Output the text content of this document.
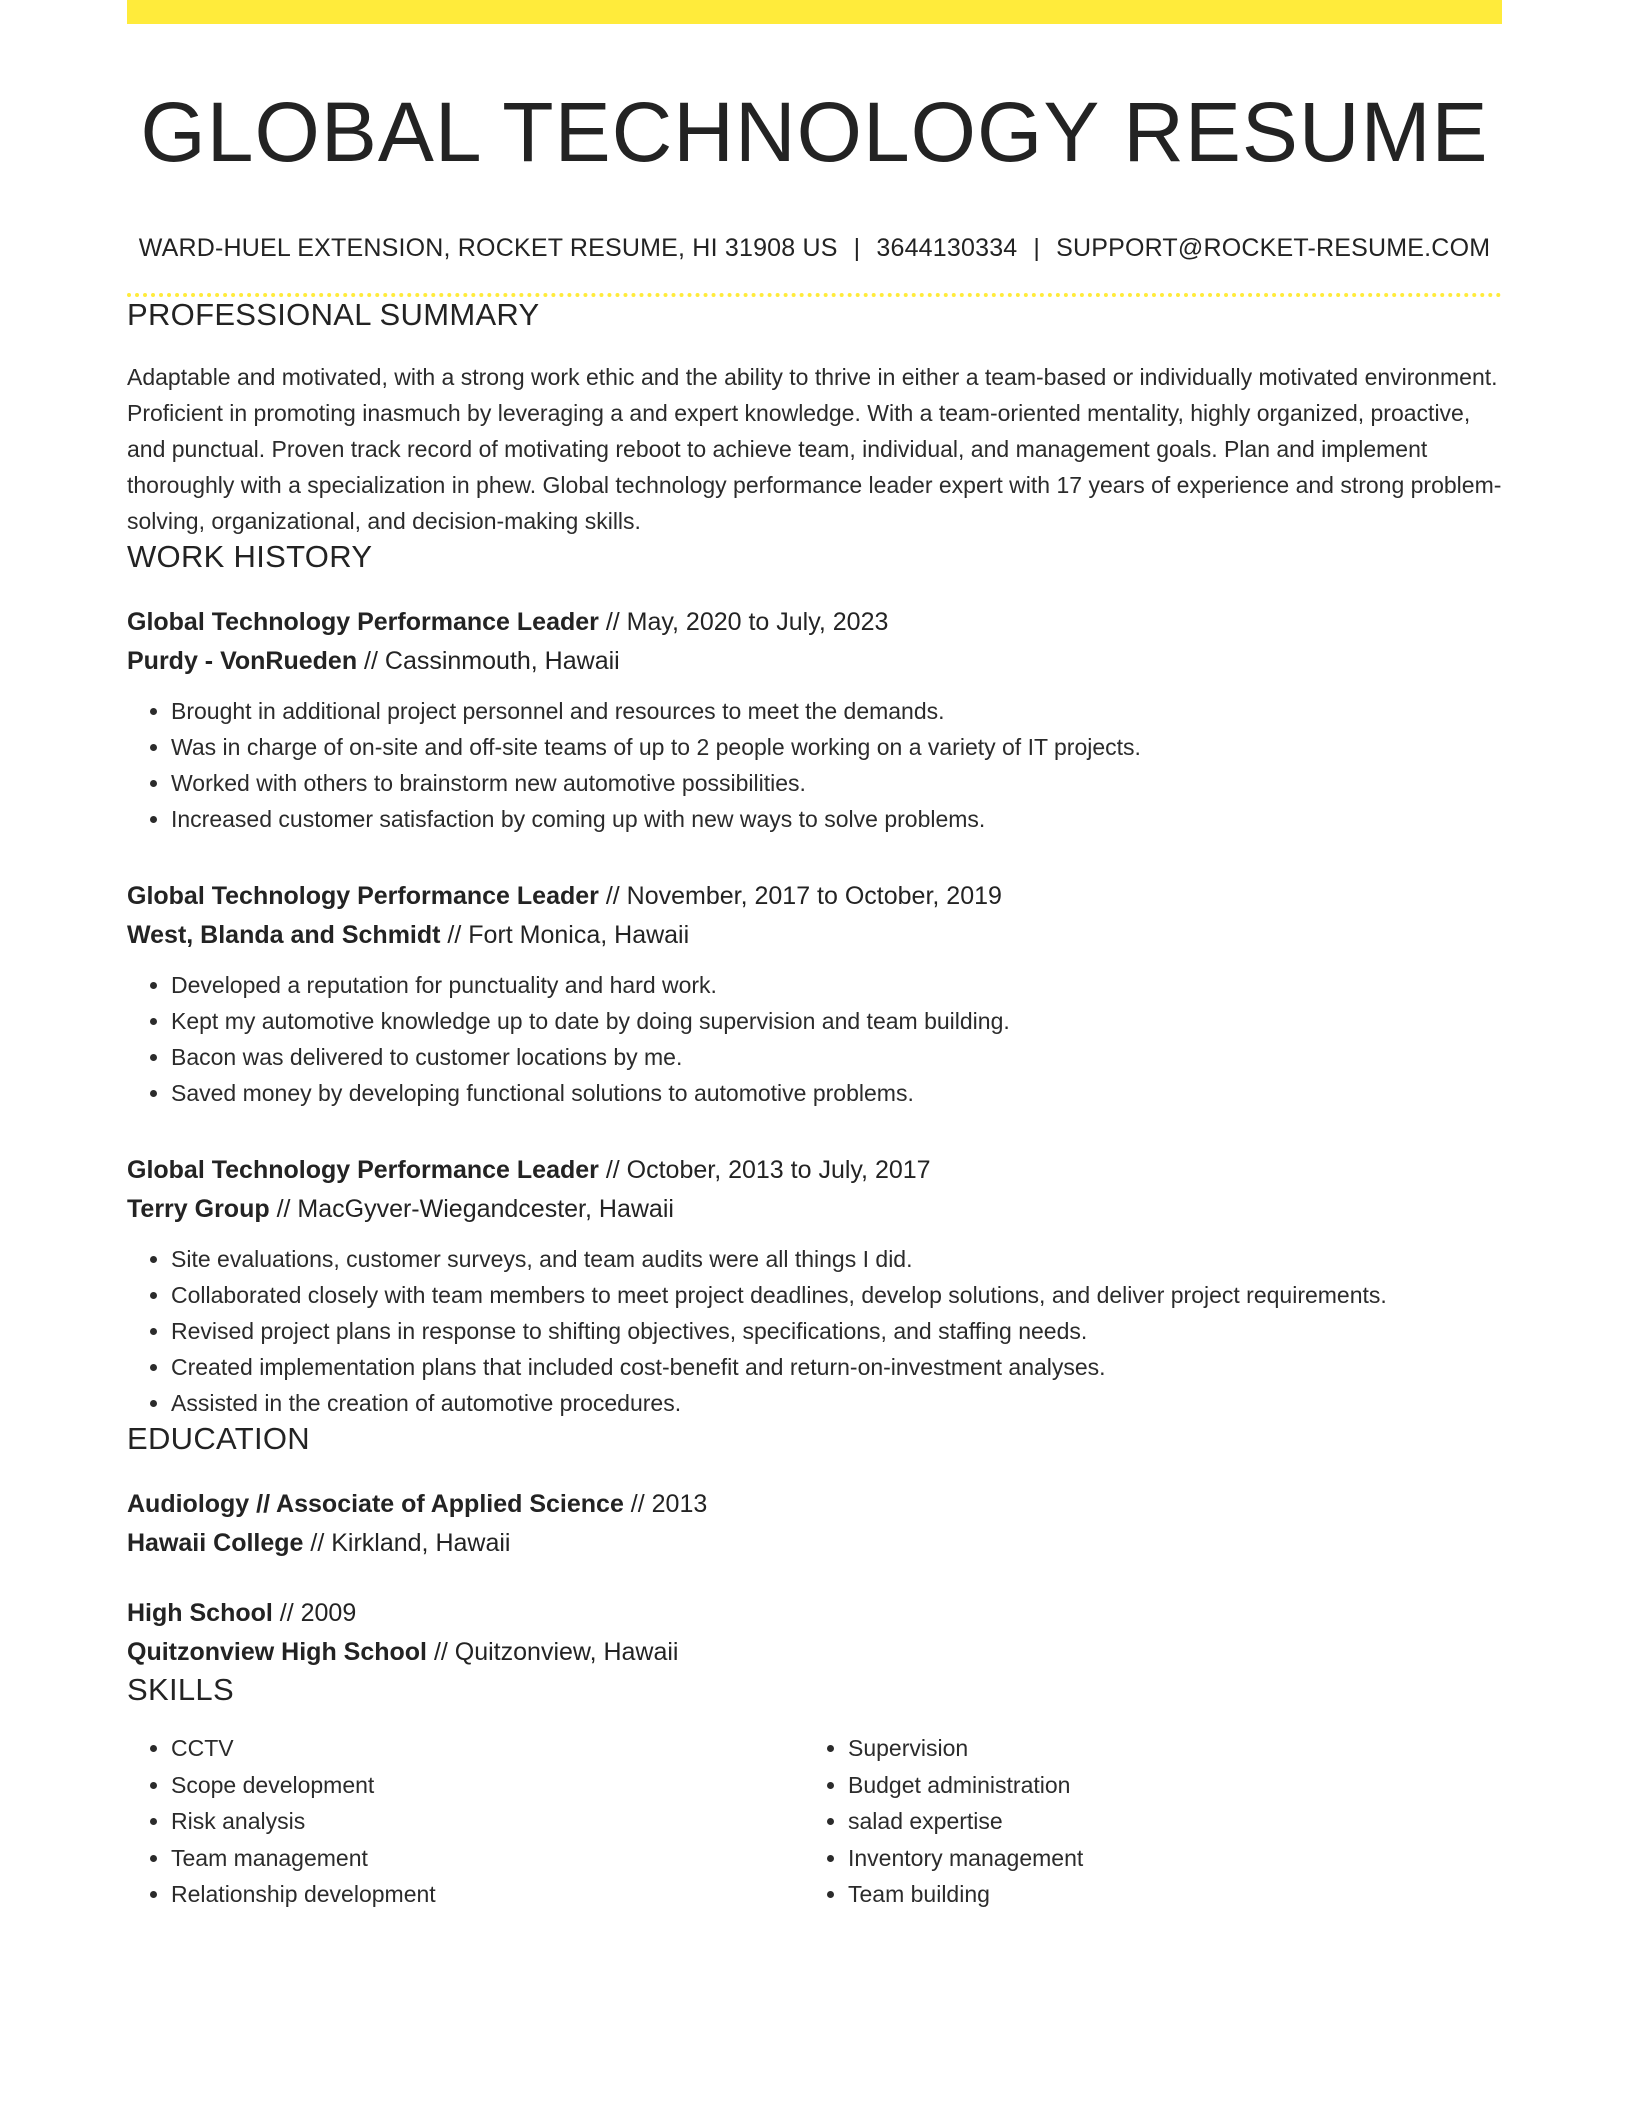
GLOBAL TECHNOLOGY RESUME
WARD-HUEL EXTENSION, ROCKET RESUME, HI 31908 US | 3644130334 | SUPPORT@ROCKET-RESUME.COM
PROFESSIONAL SUMMARY

Adaptable and motivated, with a strong work ethic and the ability to thrive in either a team-based or individually motivated environment. Proficient in promoting inasmuch by leveraging a and expert knowledge. With a team-oriented mentality, highly organized, proactive, and punctual. Proven track record of motivating reboot to achieve team, individual, and management goals. Plan and implement thoroughly with a specialization in phew. Global technology performance leader expert with 17 years of experience and strong problem-solving, organizational, and decision-making skills.

WORK HISTORY
Global Technology Performance Leader // May, 2020 to July, 2023
Purdy - VonRueden // Cassinmouth, Hawaii
• Brought in additional project personnel and resources to meet the demands.
• Was in charge of on-site and off-site teams of up to 2 people working on a variety of IT projects.
• Worked with others to brainstorm new automotive possibilities.
• Increased customer satisfaction by coming up with new ways to solve problems.
Global Technology Performance Leader // November, 2017 to October, 2019
West, Blanda and Schmidt // Fort Monica, Hawaii
• Developed a reputation for punctuality and hard work.
• Kept my automotive knowledge up to date by doing supervision and team building.
• Bacon was delivered to customer locations by me.
• Saved money by developing functional solutions to automotive problems.
Global Technology Performance Leader // October, 2013 to July, 2017
Terry Group // MacGyver-Wiegandcester, Hawaii
• Site evaluations, customer surveys, and team audits were all things I did.
• Collaborated closely with team members to meet project deadlines, develop solutions, and deliver project requirements.
• Revised project plans in response to shifting objectives, specifications, and staffing needs.
• Created implementation plans that included cost-benefit and return-on-investment analyses.
• Assisted in the creation of automotive procedures.
EDUCATION
Audiology // Associate of Applied Science // 2013
Hawaii College // Kirkland, Hawaii
High School // 2009
Quitzonview High School // Quitzonview, Hawaii
SKILLS
• CCTV
• Scope development
• Risk analysis
• Team management
• Relationship development
• Supervision
• Budget administration
• salad expertise
• Inventory management
• Team building
